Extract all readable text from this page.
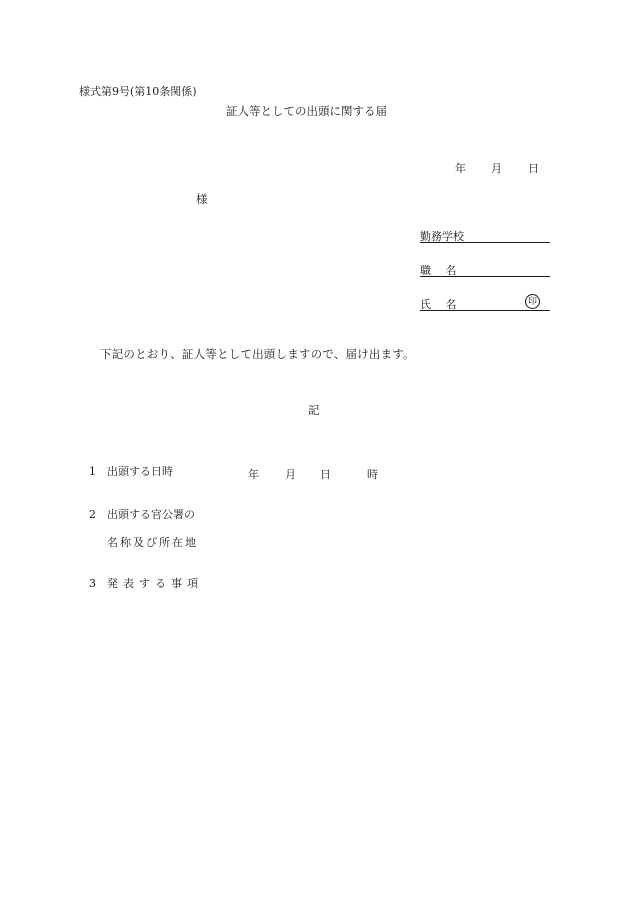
様式第9号(第10条関係)
証人等としての出頭に関する届
年 月 日
様
勤務学校
職　 名
氏　 名	印
下記のとおり、証人等として出頭しますので、届け出ます。
記
1 出頭する日時	年 月 日	時
2 出頭する官公署の
名称及び所在地
3 発表する事項
